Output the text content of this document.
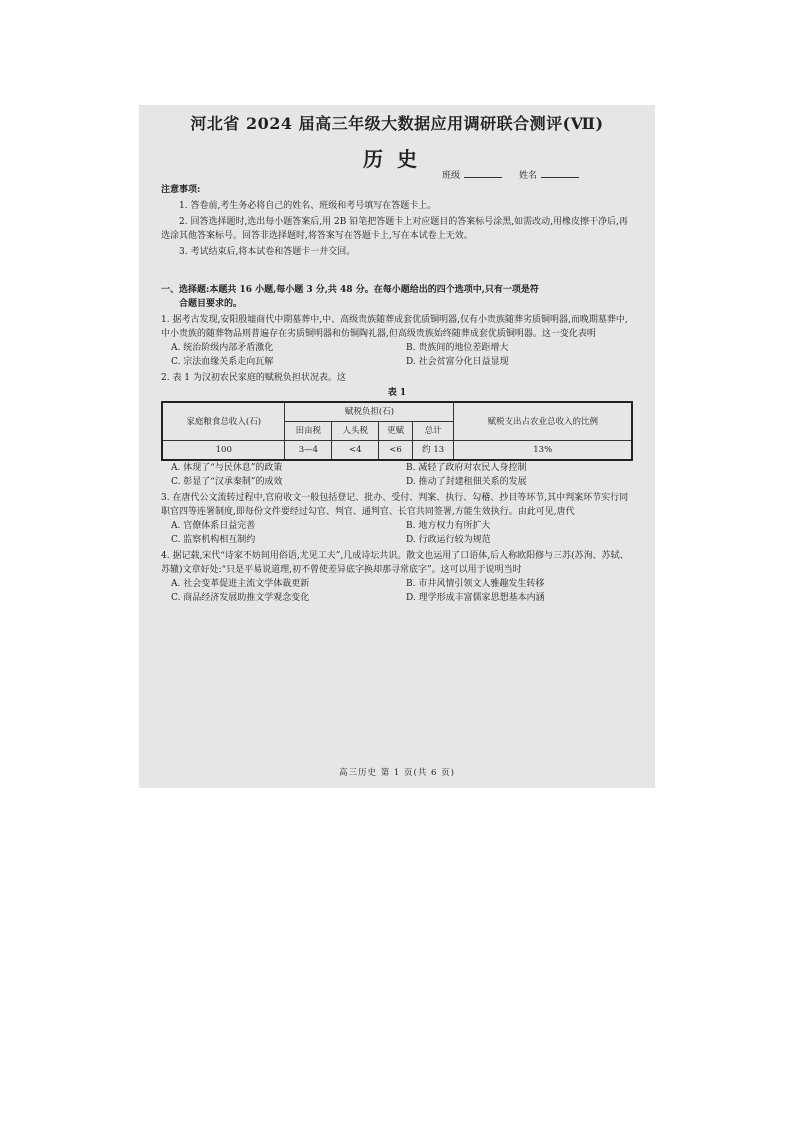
河北省 2024 届高三年级大数据应用调研联合测评(Ⅶ)
历史
班级	姓名
注意事项:
1. 答卷前,考生务必将自己的姓名、班级和考号填写在答题卡上。
2. 回答选择题时,选出每小题答案后,用 2B 铅笔把答题卡上对应题目的答案标号涂黑,如需改动,用橡皮擦干净后,再选涂其他答案标号。回答非选择题时,将答案写在答题卡上,写在本试卷上无效。
3. 考试结束后,将本试卷和答题卡一并交回。
一、选择题:本题共 16 小题,每小题 3 分,共 48 分。在每小题给出的四个选项中,只有一项是符
合题目要求的。
1. 据考古发现,安阳殷墟商代中期墓葬中,中、高级贵族随葬成套优质铜明器,仅有小贵族随葬劣质铜明器,而晚期墓葬中,中小贵族的随葬物品则普遍存在劣质铜明器和仿铜陶礼器,但高级贵族始终随葬成套优质铜明器。这一变化表明
A. 统治阶级内部矛盾激化	B. 贵族间的地位差距增大
C. 宗法血缘关系走向瓦解	D. 社会贫富分化日益显现
2. 表 1 为汉初农民家庭的赋税负担状况表。这
表 1
家庭粮食总收入(石)	赋税负担(石)				赋税支出占农业总收入的比例
	田亩税	人头税	更赋	总计	
100	3—4	<4	<6	约 13	13%
A. 体现了“与民休息”的政策	B. 减轻了政府对农民人身控制
C. 彰显了“汉承秦制”的成效	D. 推动了封建租佃关系的发展
3. 在唐代公文流转过程中,官府收文一般包括登记、批办、受付、判案、执行、勾稽、抄目等环节,其中判案环节实行同职官四等连署制度,即每份文件要经过勾官、判官、通判官、长官共同签署,方能生效执行。由此可见,唐代
A. 官僚体系日益完善	B. 地方权力有所扩大
C. 监察机构相互制约	D. 行政运行较为规范
4. 据记载,宋代“诗家不妨间用俗语,尤见工夫”,几成诗坛共识。散文也运用了口语体,后人称欧阳修与三苏(苏洵、苏轼、苏辙)文章好处:“只是平易说道理,初不曾使差异底字换却那寻常底字”。这可以用于说明当时
A. 社会变革促进主流文学体裁更新	B. 市井风情引领文人雅趣发生转移
C. 商品经济发展助推文学观念变化	D. 理学形成丰富儒家思想基本内涵
高三历史 第 1 页(共 6 页)
